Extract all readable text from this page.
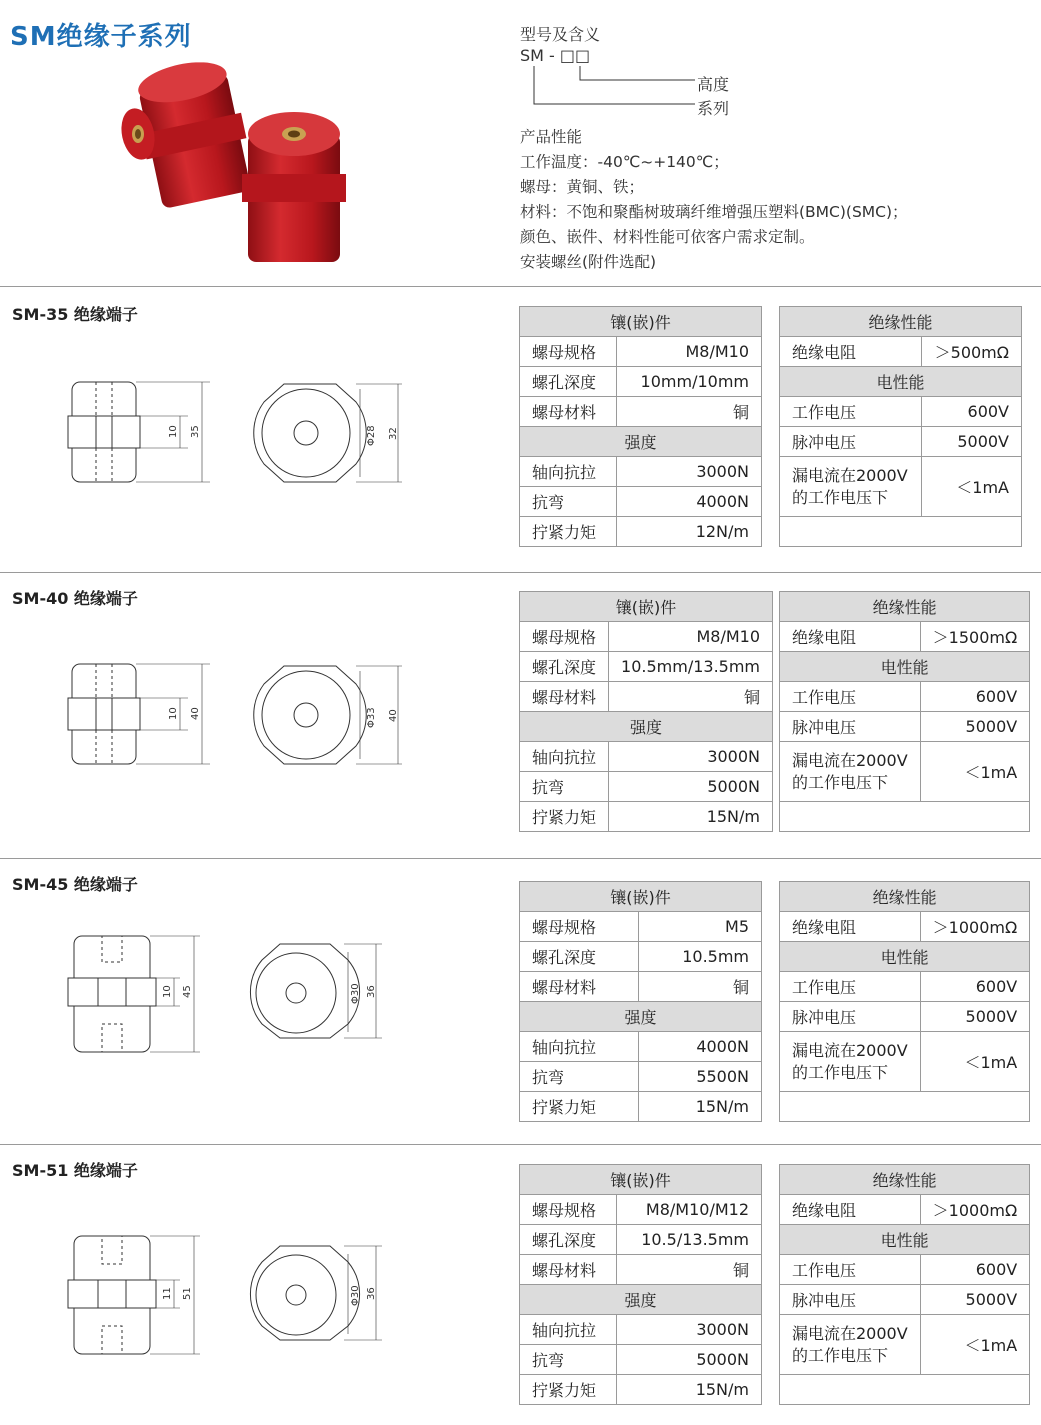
SM绝缘子系列	型号及含义
SM - □□
高度
系列
产品性能
工作温度：-40℃~+140℃；
螺母：黄铜、铁；
材料：不饱和聚酯树玻璃纤维增强压塑料(BMC)(SMC)；
颜色、嵌件、材料性能可依客户需求定制。
安装螺丝(附件选配)
SM-35 绝缘端子
10 35	Φ28 32
镶(嵌)件	
螺母规格	M8/M10
螺孔深度	10mm/10mm
螺母材料	铜
强度	
轴向抗拉	3000N
抗弯	4000N
拧紧力矩	12N/m
绝缘性能	
绝缘电阻	＞500mΩ
电性能	
工作电压	600V
脉冲电压	5000V
漏电流在2000V
的工作电压下	＜1mA

SM-40 绝缘端子
10 40	Φ33 40
镶(嵌)件	
螺母规格	M8/M10
螺孔深度	10.5mm/13.5mm
螺母材料	铜
强度	
轴向抗拉	3000N
抗弯	5000N
拧紧力矩	15N/m
绝缘性能	
绝缘电阻	＞1500mΩ
电性能	
工作电压	600V
脉冲电压	5000V
漏电流在2000V
的工作电压下	＜1mA

SM-45 绝缘端子
10 45	Φ30 36
镶(嵌)件	
螺母规格	M5
螺孔深度	10.5mm
螺母材料	铜
强度	
轴向抗拉	4000N
抗弯	5500N
拧紧力矩	15N/m
绝缘性能	
绝缘电阻	＞1000mΩ
电性能	
工作电压	600V
脉冲电压	5000V
漏电流在2000V
的工作电压下	＜1mA

SM-51 绝缘端子
11 51	Φ30 36
镶(嵌)件	
螺母规格	M8/M10/M12
螺孔深度	10.5/13.5mm
螺母材料	铜
强度	
轴向抗拉	3000N
抗弯	5000N
拧紧力矩	15N/m
绝缘性能	
绝缘电阻	＞1000mΩ
电性能	
工作电压	600V
脉冲电压	5000V
漏电流在2000V
的工作电压下	＜1mA
